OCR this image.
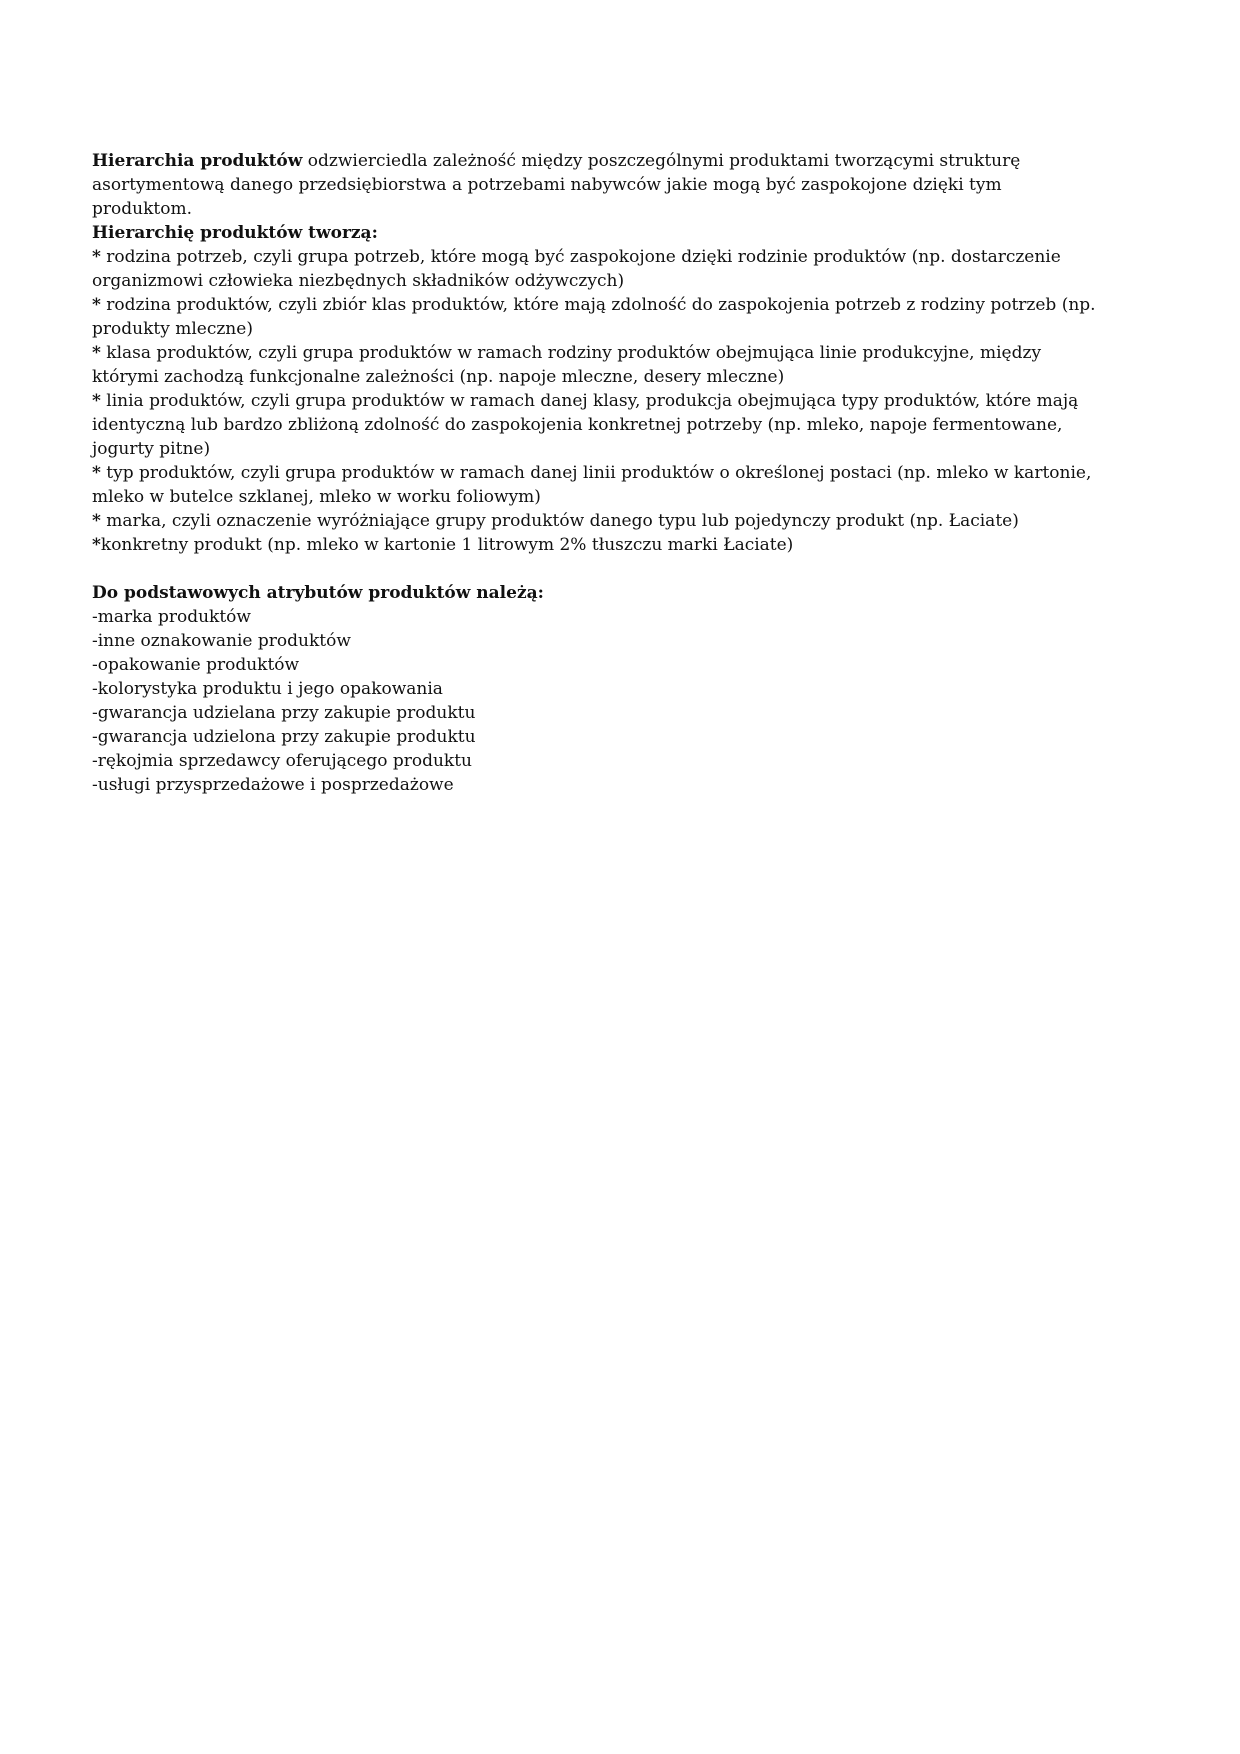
Hierarchia produktów odzwierciedla zależność między poszczególnymi produktami tworzącymi strukturę asortymentową danego przedsiębiorstwa a potrzebami nabywców jakie mogą być zaspokojone dzięki tym produktom.

Hierarchię produktów tworzą:

* rodzina potrzeb, czyli grupa potrzeb, które mogą być zaspokojone dzięki rodzinie produktów (np. dostarczenie organizmowi człowieka niezbędnych składników odżywczych)

* rodzina produktów, czyli zbiór klas produktów, które mają zdolność do zaspokojenia potrzeb z rodziny potrzeb (np. produkty mleczne)

* klasa produktów, czyli grupa produktów w ramach rodziny produktów obejmująca linie produkcyjne, między którymi zachodzą funkcjonalne zależności (np. napoje mleczne, desery mleczne)

* linia produktów, czyli grupa produktów w ramach danej klasy, produkcja obejmująca typy produktów, które mają identyczną lub bardzo zbliżoną zdolność do zaspokojenia konkretnej potrzeby (np. mleko, napoje fermentowane, jogurty pitne)

* typ produktów, czyli grupa produktów w ramach danej linii produktów o określonej postaci (np. mleko w kartonie, mleko w butelce szklanej, mleko w worku foliowym)

* marka, czyli oznaczenie wyróżniające grupy produktów danego typu lub pojedynczy produkt (np. Łaciate)

*konkretny produkt (np. mleko w kartonie 1 litrowym 2% tłuszczu marki Łaciate)

Do podstawowych atrybutów produktów należą:

-marka produktów

-inne oznakowanie produktów

-opakowanie produktów

-kolorystyka produktu i jego opakowania

-gwarancja udzielana przy zakupie produktu

-gwarancja udzielona przy zakupie produktu

-rękojmia sprzedawcy oferującego produktu

-usługi przysprzedażowe i posprzedażowe
